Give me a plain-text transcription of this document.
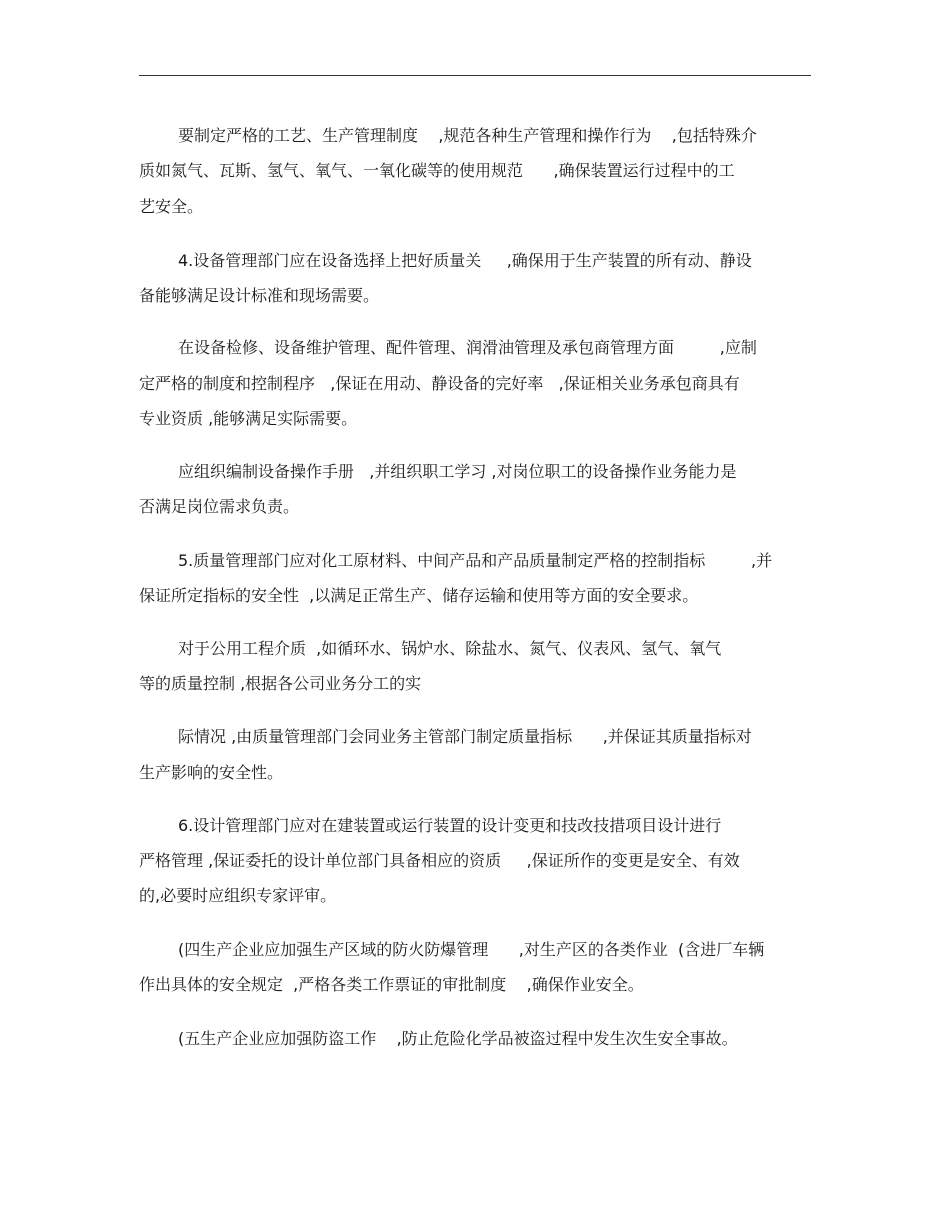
要制定严格的工艺、生产管理制度    ,规范各种生产管理和操作行为    ,包括特殊介
质如氮气、瓦斯、氢气、氧气、一氧化碳等的使用规范      ,确保装置运行过程中的工
艺安全。
4.设备管理部门应在设备选择上把好质量关     ,确保用于生产装置的所有动、静设
备能够满足设计标准和现场需要。
在设备检修、设备维护管理、配件管理、润滑油管理及承包商管理方面         ,应制
定严格的制度和控制程序   ,保证在用动、静设备的完好率   ,保证相关业务承包商具有
专业资质 ,能够满足实际需要。
应组织编制设备操作手册   ,并组织职工学习 ,对岗位职工的设备操作业务能力是
否满足岗位需求负责。
5.质量管理部门应对化工原材料、中间产品和产品质量制定严格的控制指标         ,并
保证所定指标的安全性  ,以满足正常生产、储存运输和使用等方面的安全要求。
对于公用工程介质  ,如循环水、锅炉水、除盐水、氮气、仪表风、氢气、氧气
等的质量控制 ,根据各公司业务分工的实
际情况 ,由质量管理部门会同业务主管部门制定质量指标      ,并保证其质量指标对
生产影响的安全性。
6.设计管理部门应对在建装置或运行装置的设计变更和技改技措项目设计进行
严格管理 ,保证委托的设计单位部门具备相应的资质     ,保证所作的变更是安全、有效
的,必要时应组织专家评审。
(四生产企业应加强生产区域的防火防爆管理      ,对生产区的各类作业  (含进厂车辆
作出具体的安全规定  ,严格各类工作票证的审批制度    ,确保作业安全。
(五生产企业应加强防盗工作    ,防止危险化学品被盗过程中发生次生安全事故。
